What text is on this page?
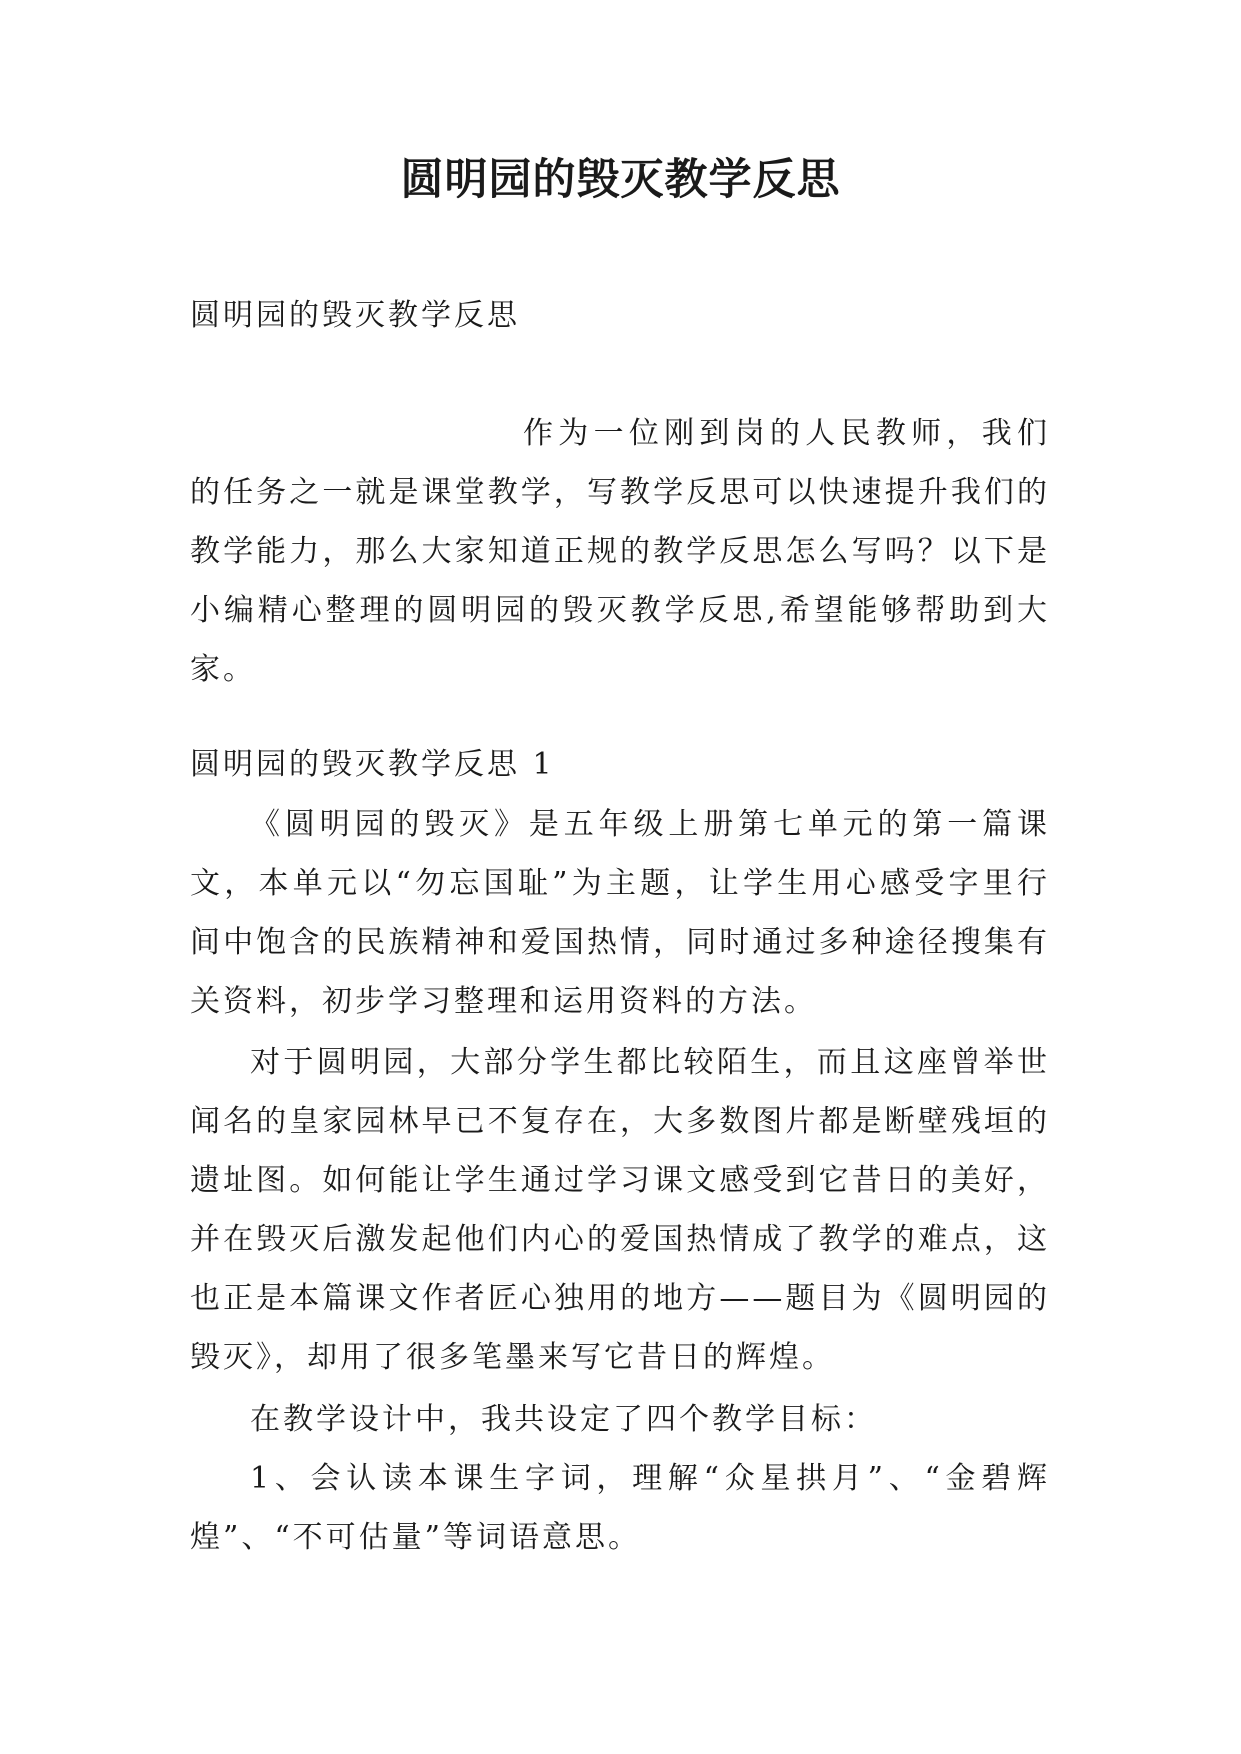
圆明园的毁灭教学反思

圆明园的毁灭教学反思

作为一位刚到岗的人民教师，我们的任务之一就是课堂教学，写教学反思可以快速提升我们的教学能力，那么大家知道正规的教学反思怎么写吗？以下是小编精心整理的圆明园的毁灭教学反思,希望能够帮助到大家。

圆明园的毁灭教学反思 1

《圆明园的毁灭》是五年级上册第七单元的第一篇课文，本单元以“勿忘国耻”为主题，让学生用心感受字里行间中饱含的民族精神和爱国热情，同时通过多种途径搜集有关资料，初步学习整理和运用资料的方法。

对于圆明园，大部分学生都比较陌生，而且这座曾举世闻名的皇家园林早已不复存在，大多数图片都是断壁残垣的遗址图。如何能让学生通过学习课文感受到它昔日的美好，并在毁灭后激发起他们内心的爱国热情成了教学的难点，这也正是本篇课文作者匠心独用的地方——题目为《圆明园的毁灭》，却用了很多笔墨来写它昔日的辉煌。

在教学设计中，我共设定了四个教学目标：

1、会认读本课生字词，理解“众星拱月”、“金碧辉煌”、“不可估量”等词语意思。
